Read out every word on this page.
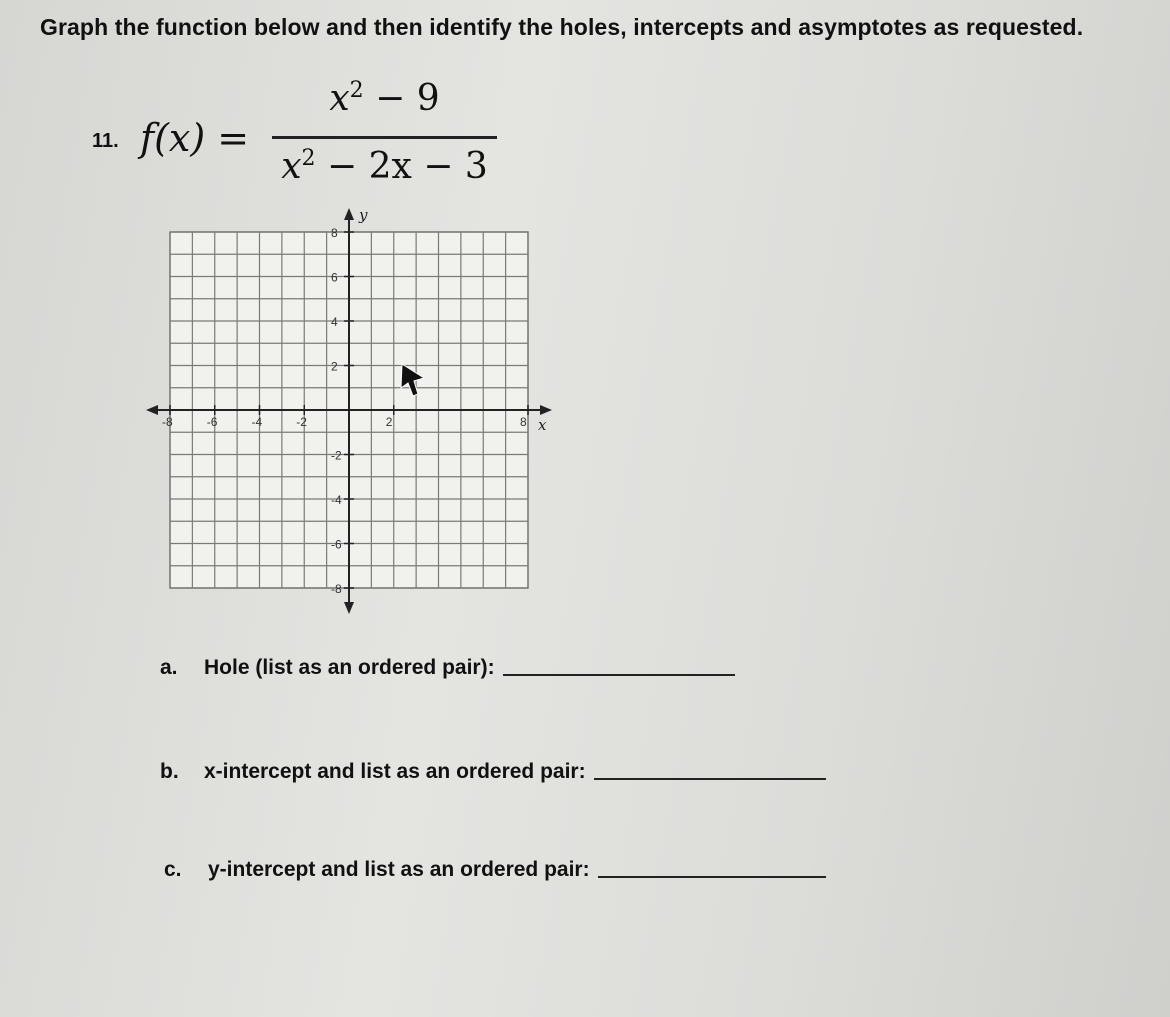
Graph the function below and then identify the holes, intercepts and asymptotes as requested.
11. f(x) =
$x^2 - 9$
$x^2 - 2x - 3$
-8	-6	-4	-2	2	8
8
6
4
2
-2
-4
-6
-8
x
y
a.	Hole (list as an ordered pair):
b.	x-intercept and list as an ordered pair:
c.	y-intercept and list as an ordered pair:
